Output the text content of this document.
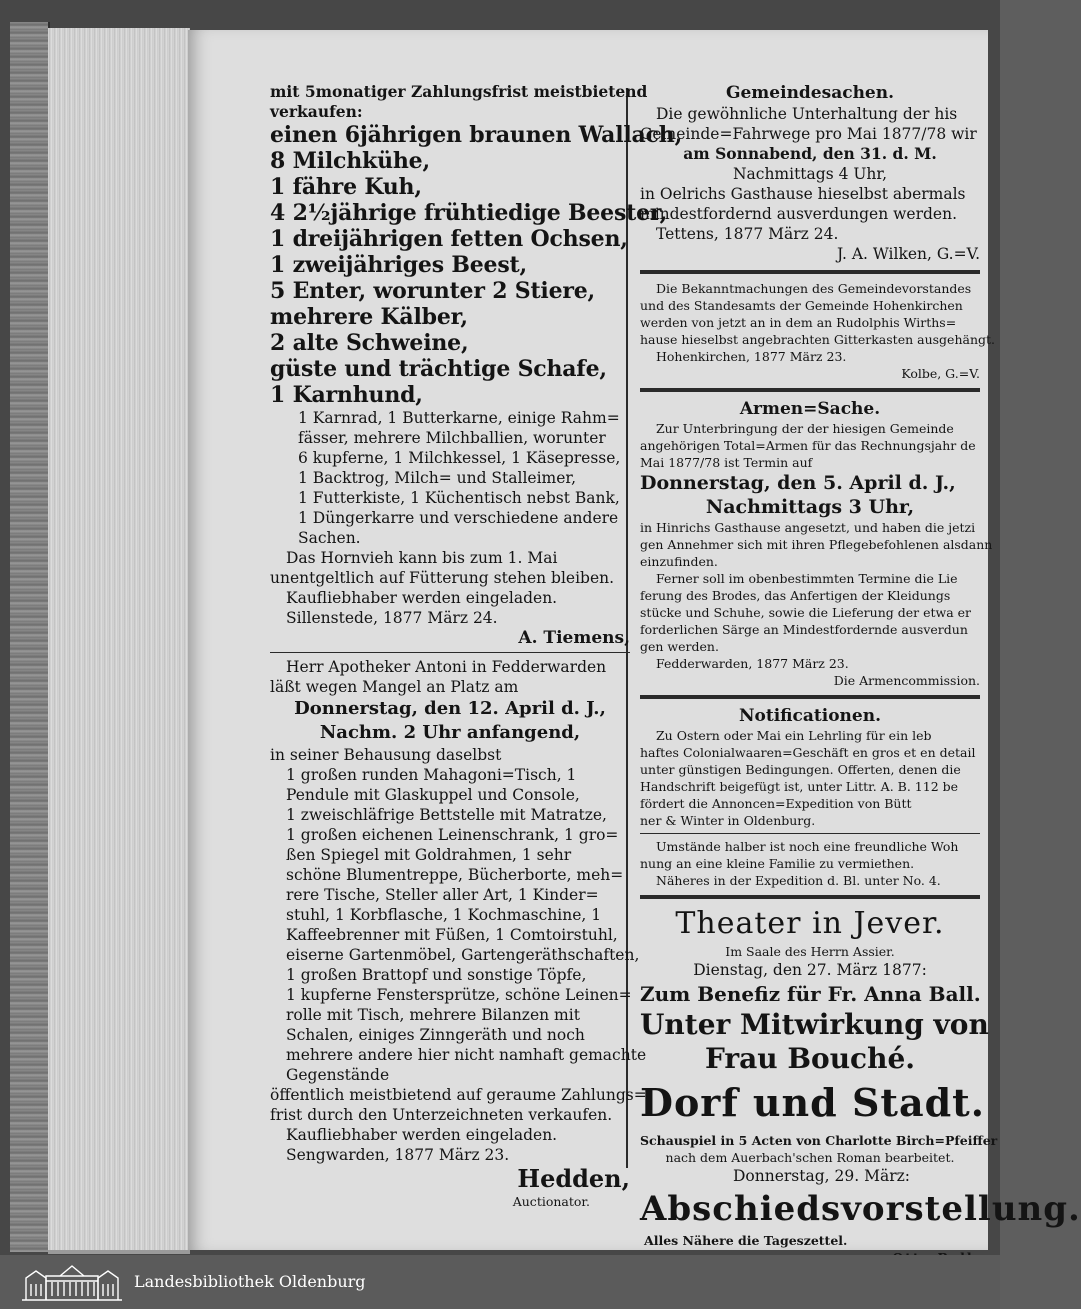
mit 5monatiger Zahlungsfrist meistbietend

verkaufen:

einen 6jährigen braunen Wallach,

8 Milchkühe,

1 fähre Kuh,

4 2½jährige frühtiedige Beester,

1 dreijährigen fetten Ochsen,

1 zweijähriges Beest,

5 Enter, worunter 2 Stiere,

mehrere Kälber,

2 alte Schweine,

güste und trächtige Schafe,

1 Karnhund,

1 Karnrad, 1 Butterkarne, einige Rahm=

fässer, mehrere Milchballien, worunter

6 kupferne, 1 Milchkessel, 1 Käsepresse,

1 Backtrog, Milch= und Stalleimer,

1 Futterkiste, 1 Küchentisch nebst Bank,

1 Düngerkarre und verschiedene andere

Sachen.

Das Hornvieh kann bis zum 1. Mai

unentgeltlich auf Fütterung stehen bleiben.

Kaufliebhaber werden eingeladen.

Sillenstede, 1877 März 24.

A. Tiemens,

Herr Apotheker Antoni in Fedderwarden

läßt wegen Mangel an Platz am

Donnerstag, den 12. April d. J.,

Nachm. 2 Uhr anfangend,

in seiner Behausung daselbst

1 großen runden Mahagoni=Tisch, 1

Pendule mit Glaskuppel und Console,

1 zweischläfrige Bettstelle mit Matratze,

1 großen eichenen Leinenschrank, 1 gro=

ßen Spiegel mit Goldrahmen, 1 sehr

schöne Blumentreppe, Bücherborte, meh=

rere Tische, Steller aller Art, 1 Kinder=

stuhl, 1 Korbflasche, 1 Kochmaschine, 1

Kaffeebrenner mit Füßen, 1 Comtoirstuhl,

eiserne Gartenmöbel, Gartengeräthschaften,

1 großen Brattopf und sonstige Töpfe,

1 kupferne Fenstersprütze, schöne Leinen=

rolle mit Tisch, mehrere Bilanzen mit

Schalen, einiges Zinngeräth und noch

mehrere andere hier nicht namhaft gemachte

Gegenstände

öffentlich meistbietend auf geraume Zahlungs=

frist durch den Unterzeichneten verkaufen.

Kaufliebhaber werden eingeladen.

Sengwarden, 1877 März 23.

Hedden,

Auctionator.

Gemeindesachen.

Die gewöhnliche Unterhaltung der his

Gemeinde=Fahrwege pro Mai 1877/78 wir

am Sonnabend, den 31. d. M.

Nachmittags 4 Uhr,

in Oelrichs Gasthause hieselbst abermals

mindestfordernd ausverdungen werden.

Tettens, 1877 März 24.

J. A. Wilken, G.=V.

Die Bekanntmachungen des Gemeindevorstandes

und des Standesamts der Gemeinde Hohenkirchen

werden von jetzt an in dem an Rudolphis Wirths=

hause hieselbst angebrachten Gitterkasten ausgehängt.

Hohenkirchen, 1877 März 23.

Kolbe, G.=V.

Armen=Sache.

Zur Unterbringung der der hiesigen Gemeinde

angehörigen Total=Armen für das Rechnungsjahr de

Mai 1877/78 ist Termin auf

Donnerstag, den 5. April d. J.,

Nachmittags 3 Uhr,

in Hinrichs Gasthause angesetzt, und haben die jetzi

gen Annehmer sich mit ihren Pflegebefohlenen alsdann

einzufinden.

Ferner soll im obenbestimmten Termine die Lie

ferung des Brodes, das Anfertigen der Kleidungs

stücke und Schuhe, sowie die Lieferung der etwa er

forderlichen Särge an Mindestfordernde ausverdun

gen werden.

Fedderwarden, 1877 März 23.

Die Armencommission.

Notificationen.

Zu Ostern oder Mai ein Lehrling für ein leb

haftes Colonialwaaren=Geschäft en gros et en detail

unter günstigen Bedingungen. Offerten, denen die

Handschrift beigefügt ist, unter Littr. A. B. 112 be

fördert die Annoncen=Expedition von Bütt

ner & Winter in Oldenburg.

Umstände halber ist noch eine freundliche Woh

nung an eine kleine Familie zu vermiethen.

Näheres in der Expedition d. Bl. unter No. 4.

Theater in Jever.

Im Saale des Herrn Assier.

Dienstag, den 27. März 1877:

Zum Benefiz für Fr. Anna Ball.

Unter Mitwirkung von

Frau Bouché.

Dorf und Stadt.

Schauspiel in 5 Acten von Charlotte Birch=Pfeiffer

nach dem Auerbach'schen Roman bearbeitet.

Donnerstag, 29. März:

Abschiedsvorstellung.

Alles Nähere die Tageszettel.

Landesbibliothek Oldenburg
